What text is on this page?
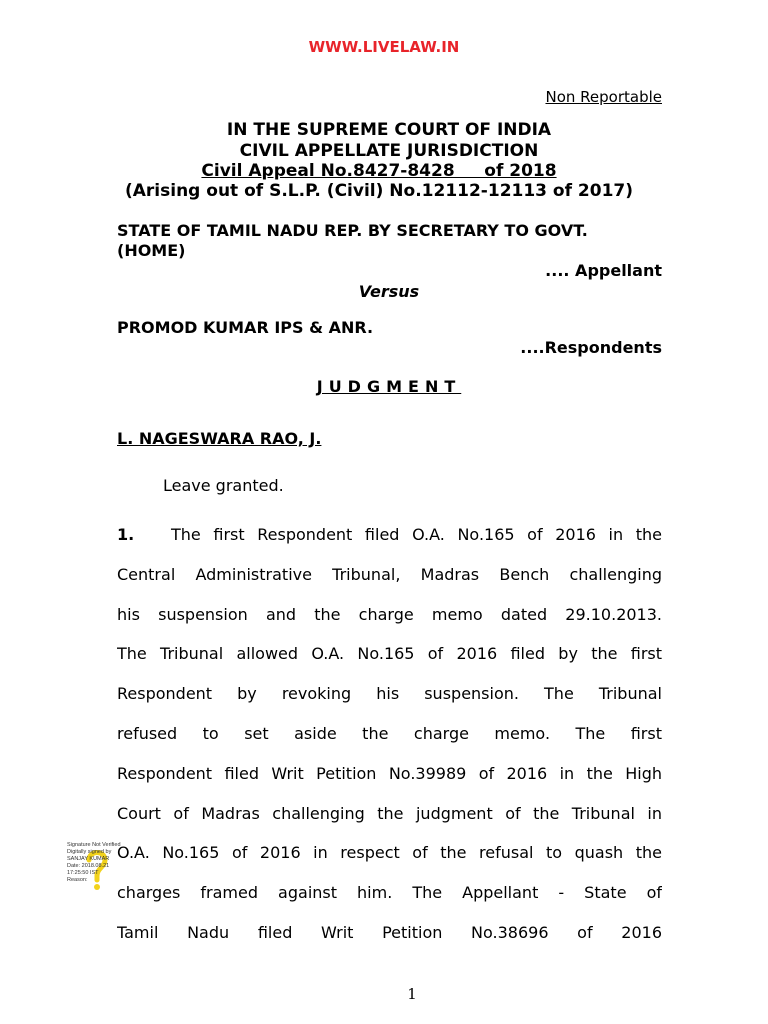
WWW.LIVELAW.IN
Non Reportable
IN THE SUPREME COURT OF INDIA
CIVIL APPELLATE JURISDICTION
Civil Appeal No.8427-8428     of 2018
(Arising out of S.L.P. (Civil) No.12112-12113 of 2017)
STATE OF TAMIL NADU REP. BY SECRETARY TO GOVT.
(HOME)
.... Appellant
Versus
PROMOD KUMAR IPS & ANR.
....Respondents
JUDGMENT
L. NAGESWARA RAO, J.
Leave granted.
1. The first Respondent filed O.A. No.165 of 2016 in the
Central Administrative Tribunal, Madras Bench challenging
his suspension and the charge memo dated 29.10.2013.
The Tribunal allowed O.A. No.165 of 2016 filed by the first
Respondent by revoking his suspension. The Tribunal
refused to set aside the charge memo. The first
Respondent filed Writ Petition No.39989 of 2016 in the High
Court of Madras challenging the judgment of the Tribunal in
O.A. No.165 of 2016 in respect of the refusal to quash the
charges framed against him. The Appellant - State of
Tamil Nadu filed Writ Petition No.38696 of 2016
Signature Not Verified
Digitally signed by
SANJAY KUMAR
Date: 2018.08.21
17:25:50 IST
Reason:
1
